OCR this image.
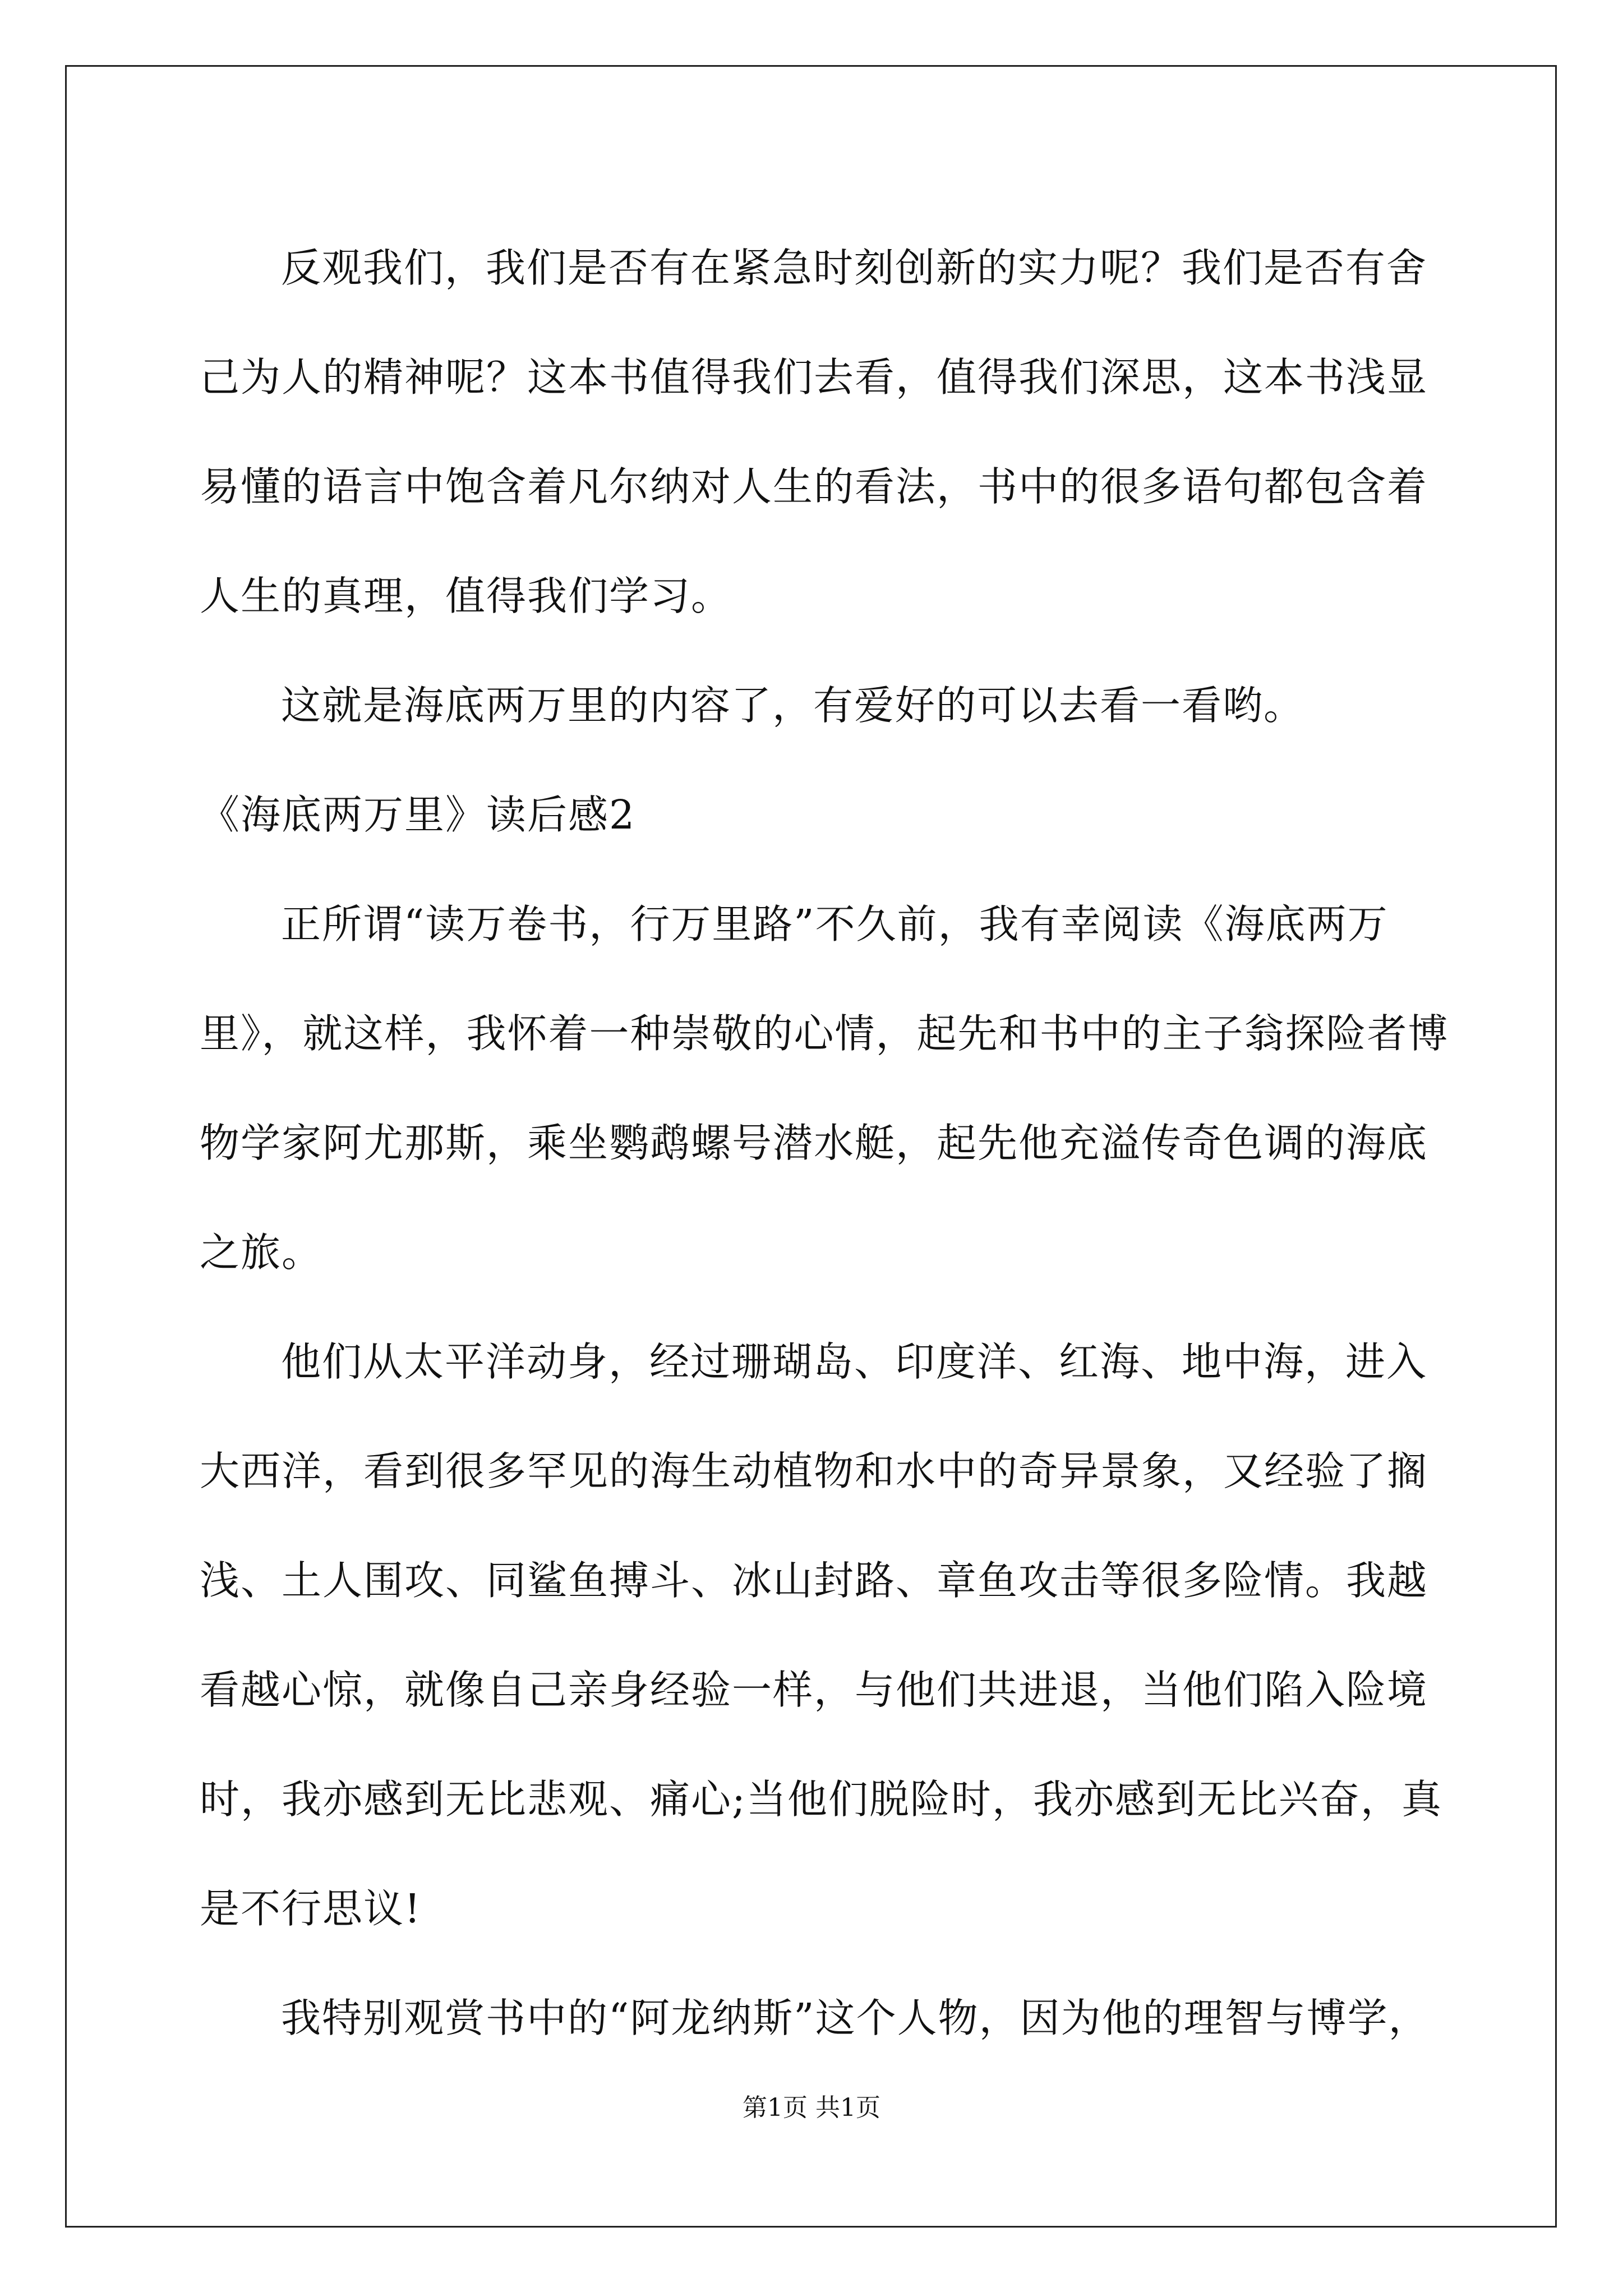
反观我们，我们是否有在紧急时刻创新的实力呢？我们是否有舍
己为人的精神呢？这本书值得我们去看，值得我们深思，这本书浅显
易懂的语言中饱含着凡尔纳对人生的看法，书中的很多语句都包含着
人生的真理，值得我们学习。
这就是海底两万里的内容了，有爱好的可以去看一看哟。
《海底两万里》读后感2
正所谓“读万卷书，行万里路”不久前，我有幸阅读《海底两万
里》，就这样，我怀着一种崇敬的心情，起先和书中的主子翁探险者博
物学家阿尤那斯，乘坐鹦鹉螺号潜水艇，起先他充溢传奇色调的海底
之旅。
他们从太平洋动身，经过珊瑚岛、印度洋、红海、地中海，进入
大西洋，看到很多罕见的海生动植物和水中的奇异景象，又经验了搁
浅、土人围攻、同鲨鱼搏斗、冰山封路、章鱼攻击等很多险情。我越
看越心惊，就像自己亲身经验一样，与他们共进退，当他们陷入险境
时，我亦感到无比悲观、痛心;当他们脱险时，我亦感到无比兴奋，真
是不行思议!
我特别观赏书中的“阿龙纳斯”这个人物，因为他的理智与博学，
第1页 共1页
